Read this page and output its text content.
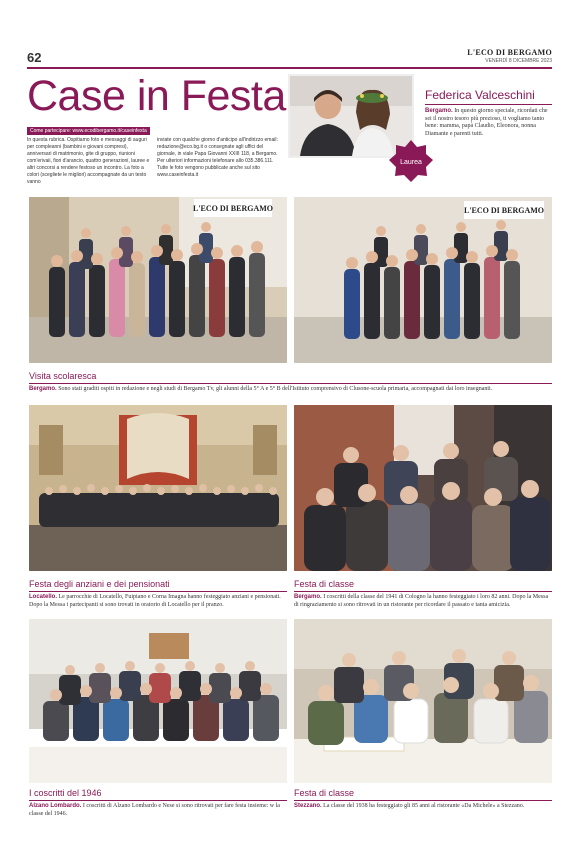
62	L'ECO DI BERGAMO
VENERDÌ 8 DICEMBRE 2023
Case in Festa
Come partecipare: www.ecodibergamo.it/caseinfesta
In questa rubrica. Ospitiamo foto e messaggi di auguri per compleanni (bambini e giovani compresi), anniversari di matrimonio, gite di gruppo, riunioni com'erivaii, fiori d'arancio, quattro generazioni, lauree e altri concorsi a rendere festoso un incontro. La foto a colori (scegliete le migliori) accompagnate da un testo vanno
inviate con qualche giorno d'anticipo all'indirizzo email: redazione@eco.bg.it o consegnate agli uffici del giornale, in viale Papa Giovanni XXIII 118, a Bergamo. Per ulteriori informazioni telefonare allo 035.386.111. Tutte le foto vengono pubblicate anche sul sito www.caseinfesta.it
Laurea
Federica Valceschini
Bergamo. In questo giorno speciale, ricordati che sei il nostro tesoro più prezioso, ti vogliamo tanto bene: mamma, papà Claudio, Eleonora, nonna Diamante e parenti tutti.
L'ECO DI BERGAMO	L'ECO DI BERGAMO
Visita scolaresca
Bergamo. Sono stati graditi ospiti in redazione e negli studi di Bergamo Tv, gli alunni della 5° A e 5° B dell'Istituto comprensivo di Clusone-scuola primaria, accompagnati dai loro insegnanti.
Festa degli anziani e dei pensionati
Locatello. Le parrocchie di Locatello, Fuipiano e Corna Imagna hanno festeggiato anziani e pensionati. Dopo la Messa i partecipanti si sono trovati in oratorio di Locatello per il pranzo.
Festa di classe
Bergamo. I coscritti della classe del 1941 di Cologno la hanno festeggiato i loro 82 anni. Dopo la Messa di ringraziamento si sono ritrovati in un ristorante per ricordare il passato e tanta amicizia.
I coscritti del 1946
Alzano Lombardo. I coscritti di Alzano Lombardo e Nese si sono ritrovati per fare festa insieme: w la classe del 1946.
Festa di classe
Stezzano. La classe del 1938 ha festeggiato gli 85 anni al ristorante «Da Michele» a Stezzano.
